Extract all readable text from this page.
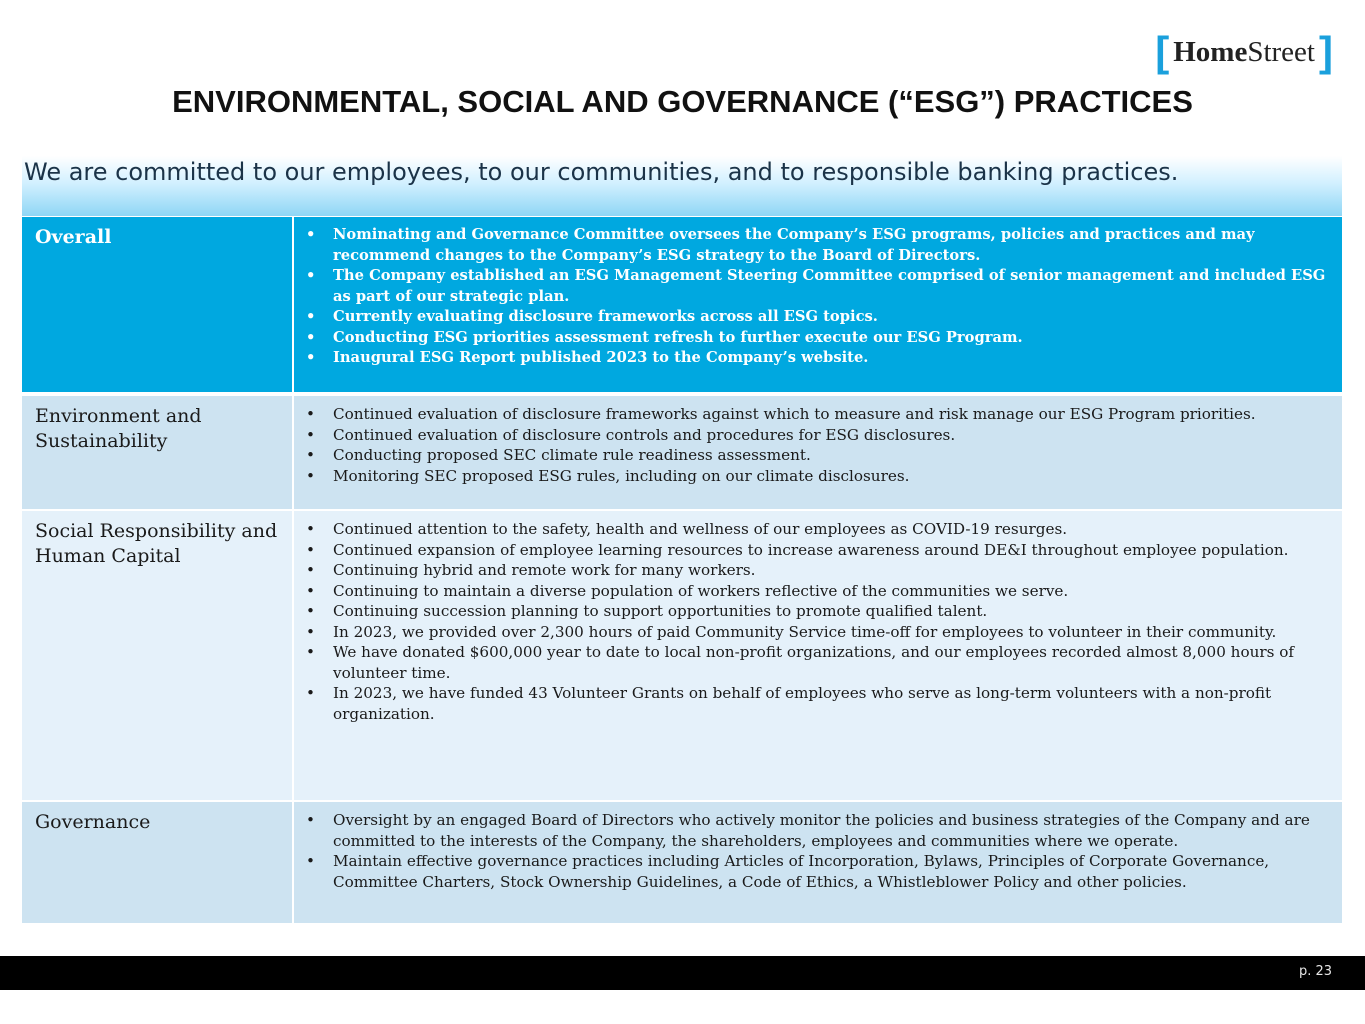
[ Home Street ]
ENVIRONMENTAL, SOCIAL AND GOVERNANCE (“ESG”) PRACTICES
We are committed to our employees, to our communities, and to responsible banking practices.
Overall	• Nominating and Governance Committee oversees the Company’s ESG programs, policies and practices and may recommend changes to the Company’s ESG strategy to the Board of Directors.
• The Company established an ESG Management Steering Committee comprised of senior management and included ESG as part of our strategic plan.
• Currently evaluating disclosure frameworks across all ESG topics.
• Conducting ESG priorities assessment refresh to further execute our ESG Program.
• Inaugural ESG Report published 2023 to the Company’s website.
Environment and Sustainability
• Continued evaluation of disclosure frameworks against which to measure and risk manage our ESG Program priorities.
• Continued evaluation of disclosure controls and procedures for ESG disclosures.
• Conducting proposed SEC climate rule readiness assessment.
• Monitoring SEC proposed ESG rules, including on our climate disclosures.
Social Responsibility and Human Capital
• Continued attention to the safety, health and wellness of our employees as COVID-19 resurges.
• Continued expansion of employee learning resources to increase awareness around DE&I throughout employee population.
• Continuing hybrid and remote work for many workers.
• Continuing to maintain a diverse population of workers reflective of the communities we serve.
• Continuing succession planning to support opportunities to promote qualified talent.
• In 2023, we provided over 2,300 hours of paid Community Service time-off for employees to volunteer in their community.
• We have donated $600,000 year to date to local non-profit organizations, and our employees recorded almost 8,000 hours of volunteer time.
• In 2023, we have funded 43 Volunteer Grants on behalf of employees who serve as long-term volunteers with a non-profit organization.
Governance	• Oversight by an engaged Board of Directors who actively monitor the policies and business strategies of the Company and are committed to the interests of the Company, the shareholders, employees and communities where we operate.
• Maintain effective governance practices including Articles of Incorporation, Bylaws, Principles of Corporate Governance, Committee Charters, Stock Ownership Guidelines, a Code of Ethics, a Whistleblower Policy and other policies.
p. 23
